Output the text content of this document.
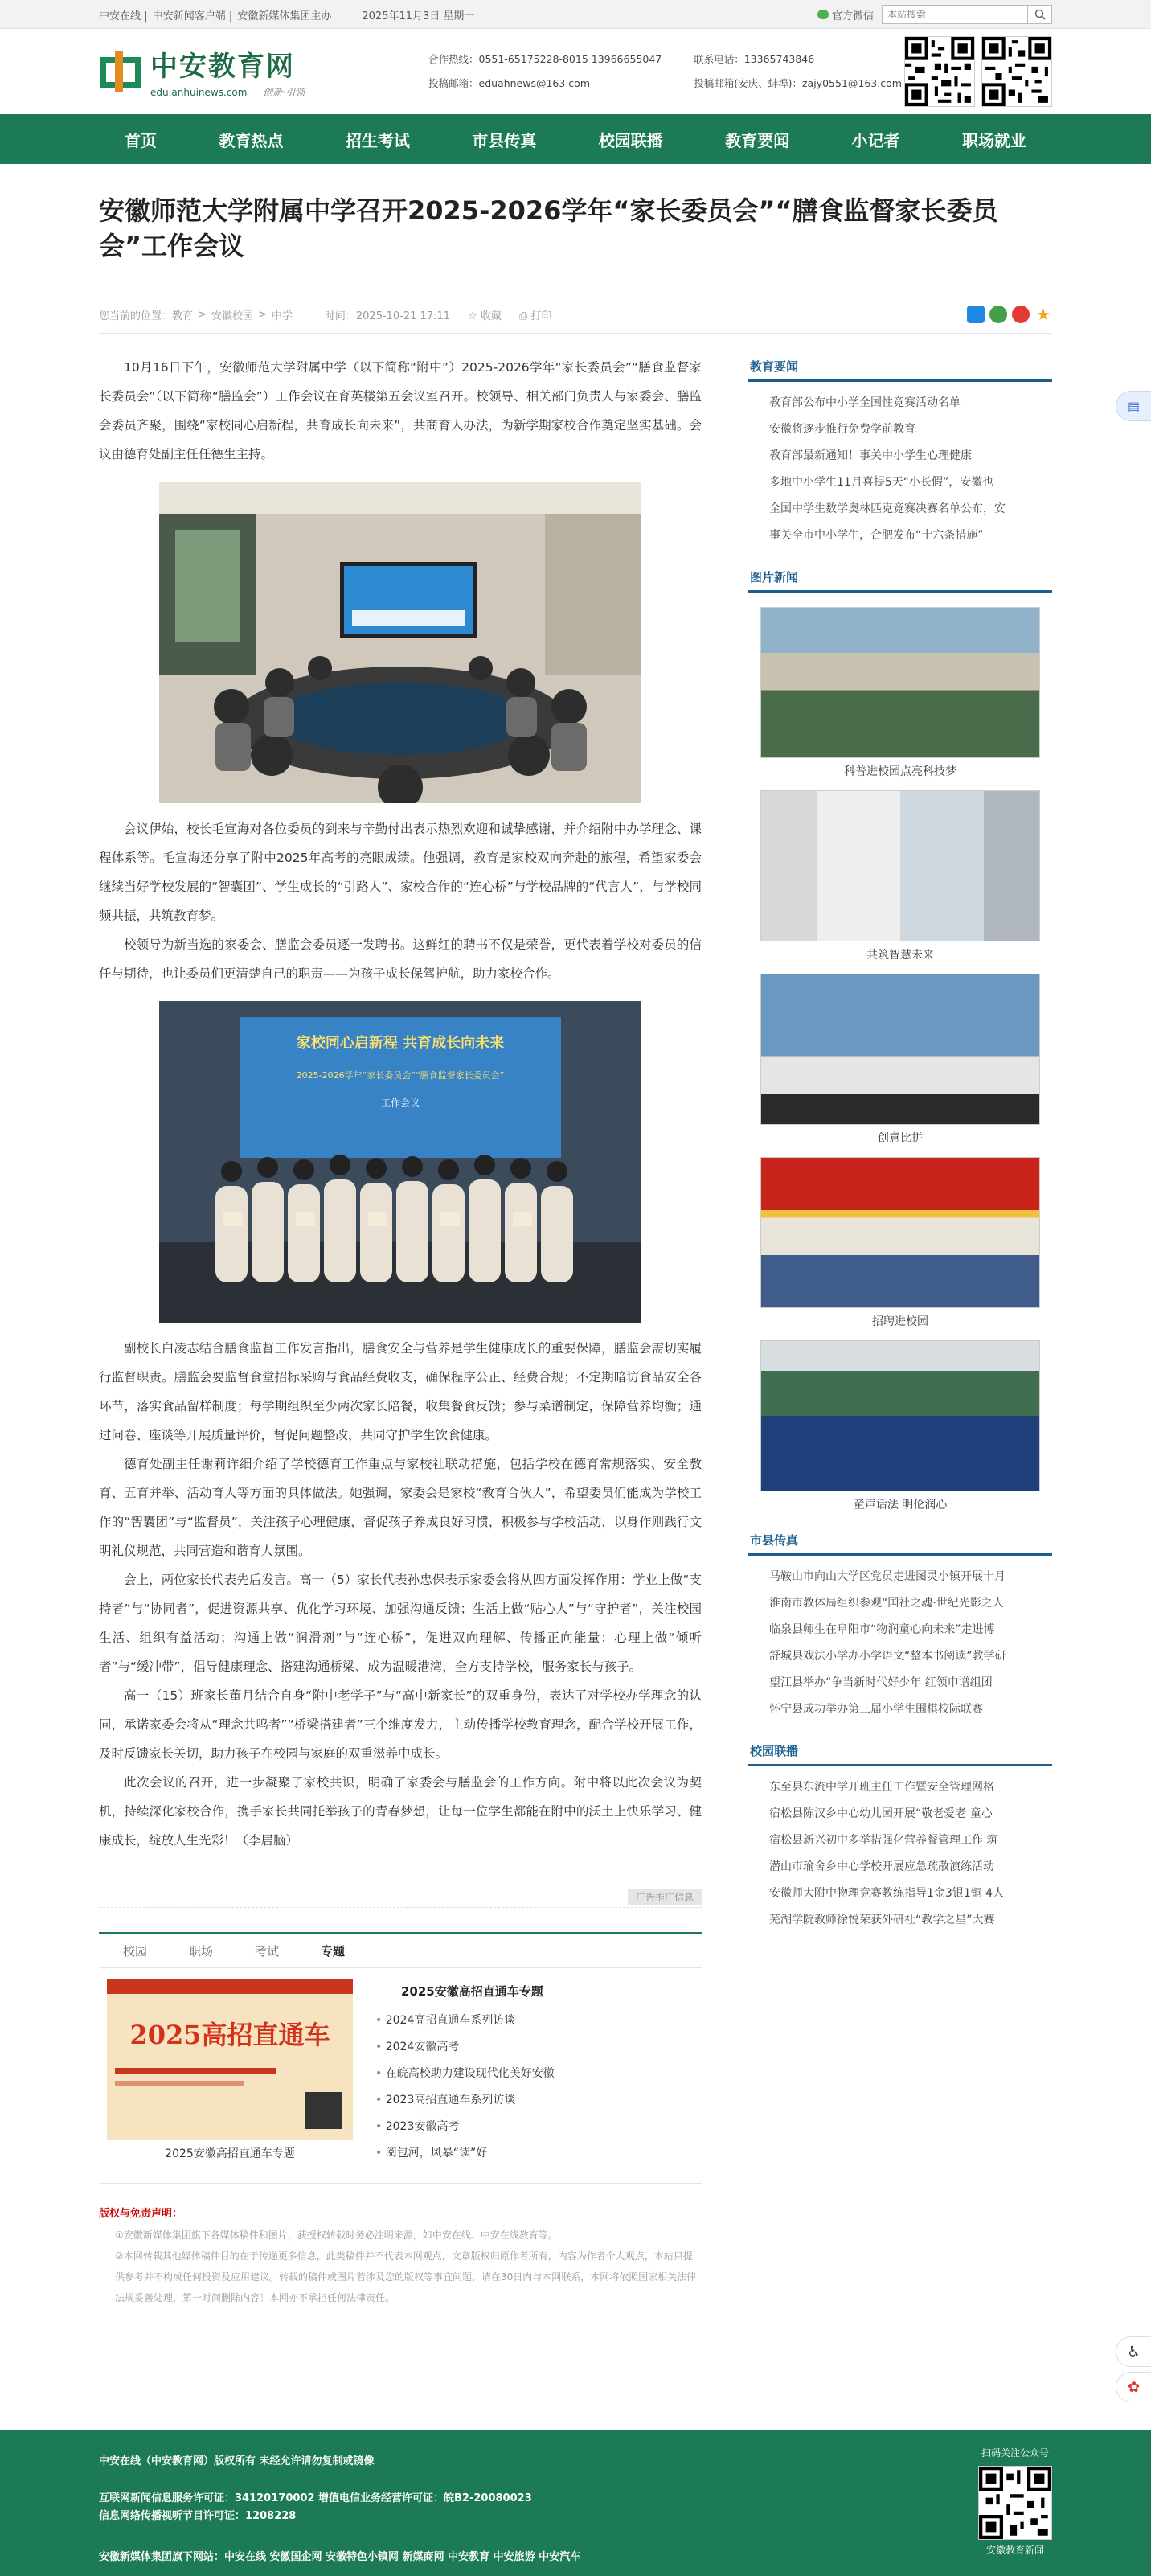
中安在线 | 中安新闻客户端 | 安徽新媒体集团主办	2025年11月3日 星期一	官方微信
本站搜索
中安教育网
edu.anhuinews.com 创新·引领
合作热线：0551-65175228-8015 13966655047
投稿邮箱：eduahnews@163.com
联系电话：13365743846
投稿邮箱(安庆、蚌埠)：zajy0551@163.com
首页	教育热点	招生考试	市县传真	校园联播	教育要闻	小记者	职场就业
安徽师范大学附属中学召开2025-2026学年“家长委员会”“膳食监督家长委员会”工作会议
您当前的位置： 教育 > 安徽校园 > 中学	时间：2025-10-21 17:11 ☆ 收藏 ⎙ 打印	★

10月16日下午，安徽师范大学附属中学（以下简称“附中”）2025-2026学年“家长委员会”“膳食监督家长委员会”（以下简称“膳监会”）工作会议在育英楼第五会议室召开。校领导、相关部门负责人与家委会、膳监会委员齐聚，围绕“家校同心启新程，共育成长向未来”，共商育人办法，为新学期家校合作奠定坚实基础。会议由德育处副主任任德生主持。

会议伊始，校长毛宣海对各位委员的到来与辛勤付出表示热烈欢迎和诚挚感谢，并介绍附中办学理念、课程体系等。毛宣海还分享了附中2025年高考的亮眼成绩。他强调，教育是家校双向奔赴的旅程，希望家委会继续当好学校发展的“智囊团”、学生成长的“引路人”、家校合作的“连心桥”与学校品牌的“代言人”，与学校同频共振，共筑教育梦。

校领导为新当选的家委会、膳监会委员逐一发聘书。这鲜红的聘书不仅是荣誉，更代表着学校对委员的信任与期待，也让委员们更清楚自己的职责——为孩子成长保驾护航，助力家校合作。

家校同心启新程 共育成长向未来
2025-2026学年“家长委员会”“膳食监督家长委员会”
工作会议

副校长白凌志结合膳食监督工作发言指出，膳食安全与营养是学生健康成长的重要保障，膳监会需切实履行监督职责。膳监会要监督食堂招标采购与食品经费收支，确保程序公正、经费合规；不定期暗访食品安全各环节，落实食品留样制度；每学期组织至少两次家长陪餐，收集餐食反馈；参与菜谱制定，保障营养均衡；通过问卷、座谈等开展质量评价，督促问题整改，共同守护学生饮食健康。

德育处副主任谢莉详细介绍了学校德育工作重点与家校社联动措施，包括学校在德育常规落实、安全教育、五育并举、活动育人等方面的具体做法。她强调，家委会是家校“教育合伙人”，希望委员们能成为学校工作的“智囊团”与“监督员”，关注孩子心理健康，督促孩子养成良好习惯，积极参与学校活动，以身作则践行文明礼仪规范，共同营造和谐育人氛围。

会上，两位家长代表先后发言。高一（5）家长代表孙忠保表示家委会将从四方面发挥作用：学业上做“支持者”与“协同者”，促进资源共享、优化学习环境、加强沟通反馈；生活上做“贴心人”与“守护者”，关注校园生活、组织有益活动；沟通上做“润滑剂”与“连心桥”，促进双向理解、传播正向能量；心理上做“倾听者”与“缓冲带”，倡导健康理念、搭建沟通桥梁、成为温暖港湾，全方支持学校，服务家长与孩子。

高一（15）班家长董月结合自身“附中老学子”与“高中新家长”的双重身份，表达了对学校办学理念的认同，承诺家委会将从“理念共鸣者”“桥梁搭建者”三个维度发力，主动传播学校教育理念，配合学校开展工作，及时反馈家长关切，助力孩子在校园与家庭的双重滋养中成长。

此次会议的召开，进一步凝聚了家校共识，明确了家委会与膳监会的工作方向。附中将以此次会议为契机，持续深化家校合作，携手家长共同托举孩子的青春梦想，让每一位学生都能在附中的沃土上快乐学习、健康成长，绽放人生光彩！（李居脑）

广告推广信息
校园	职场	考试	专题
2025高招直通车
2025安徽高招直通车专题
2025安徽高招直通车专题
• 2024高招直通车系列访谈
• 2024安徽高考
• 在皖高校助力建设现代化美好安徽
• 2023高招直通车系列访谈
• 2023安徽高考
• 阅包河，风暴“读”好
版权与免责声明：
①安徽新媒体集团旗下各媒体稿件和图片，获授权转载时务必注明来源，如中安在线、中安在线教育等。
②本网转载其他媒体稿件目的在于传递更多信息，此类稿件并不代表本网观点，文章版权归原作者所有，内容为作者个人观点，本站只提供参考并不构成任何投资及应用建议。转载的稿件或图片若涉及您的版权等事宜问题，请在30日内与本网联系，本网将依照国家相关法律法规妥善处理，第一时间删除内容！本网亦不承担任何法律责任。
教育要闻
教育部公布中小学全国性竞赛活动名单
安徽将逐步推行免费学前教育
教育部最新通知！事关中小学生心理健康
多地中小学生11月喜提5天“小长假”，安徽也
全国中学生数学奥林匹克竞赛决赛名单公布，安
事关全市中小学生，合肥发布“十六条措施”
图片新闻
科普进校园点亮科技梦
共筑智慧未来
创意比拼
招聘进校园
童声话法 明伦润心
市县传真
马鞍山市向山大学区党员走进图灵小镇开展十月
淮南市教体局组织参观“国社之魂·世纪光影之人
临泉县师生在阜阳市“物润童心向未来”走进博
舒城县戏法小学办小学语文“整本书阅读”教学研
望江县举办“争当新时代好少年 红领巾谱组团
怀宁县成功举办第三届小学生围棋校际联赛
校园联播
东至县东流中学开班主任工作暨安全管理网格
宿松县陈汉乡中心幼儿园开展“敬老爱老 童心
宿松县新兴初中多举措强化营养餐管理工作 筑
潜山市瑜舍乡中心学校开展应急疏散演练活动
安徽师大附中物理竞赛教练指导1金3银1铜 4人
芜湖学院教师徐悦荣获外研社“教学之星”大赛
▤
♿
✿
中安在线（中安教育网）版权所有 未经允许请勿复制或镜像
互联网新闻信息服务许可证：34120170002 增值电信业务经营许可证：皖B2-20080023
信息网络传播视听节目许可证：1208228
安徽新媒体集团旗下网站：中安在线 安徽国企网 安徽特色小镇网 新媒商网 中安教育 中安旅游 中安汽车
扫码关注公众号
安徽教育新闻
